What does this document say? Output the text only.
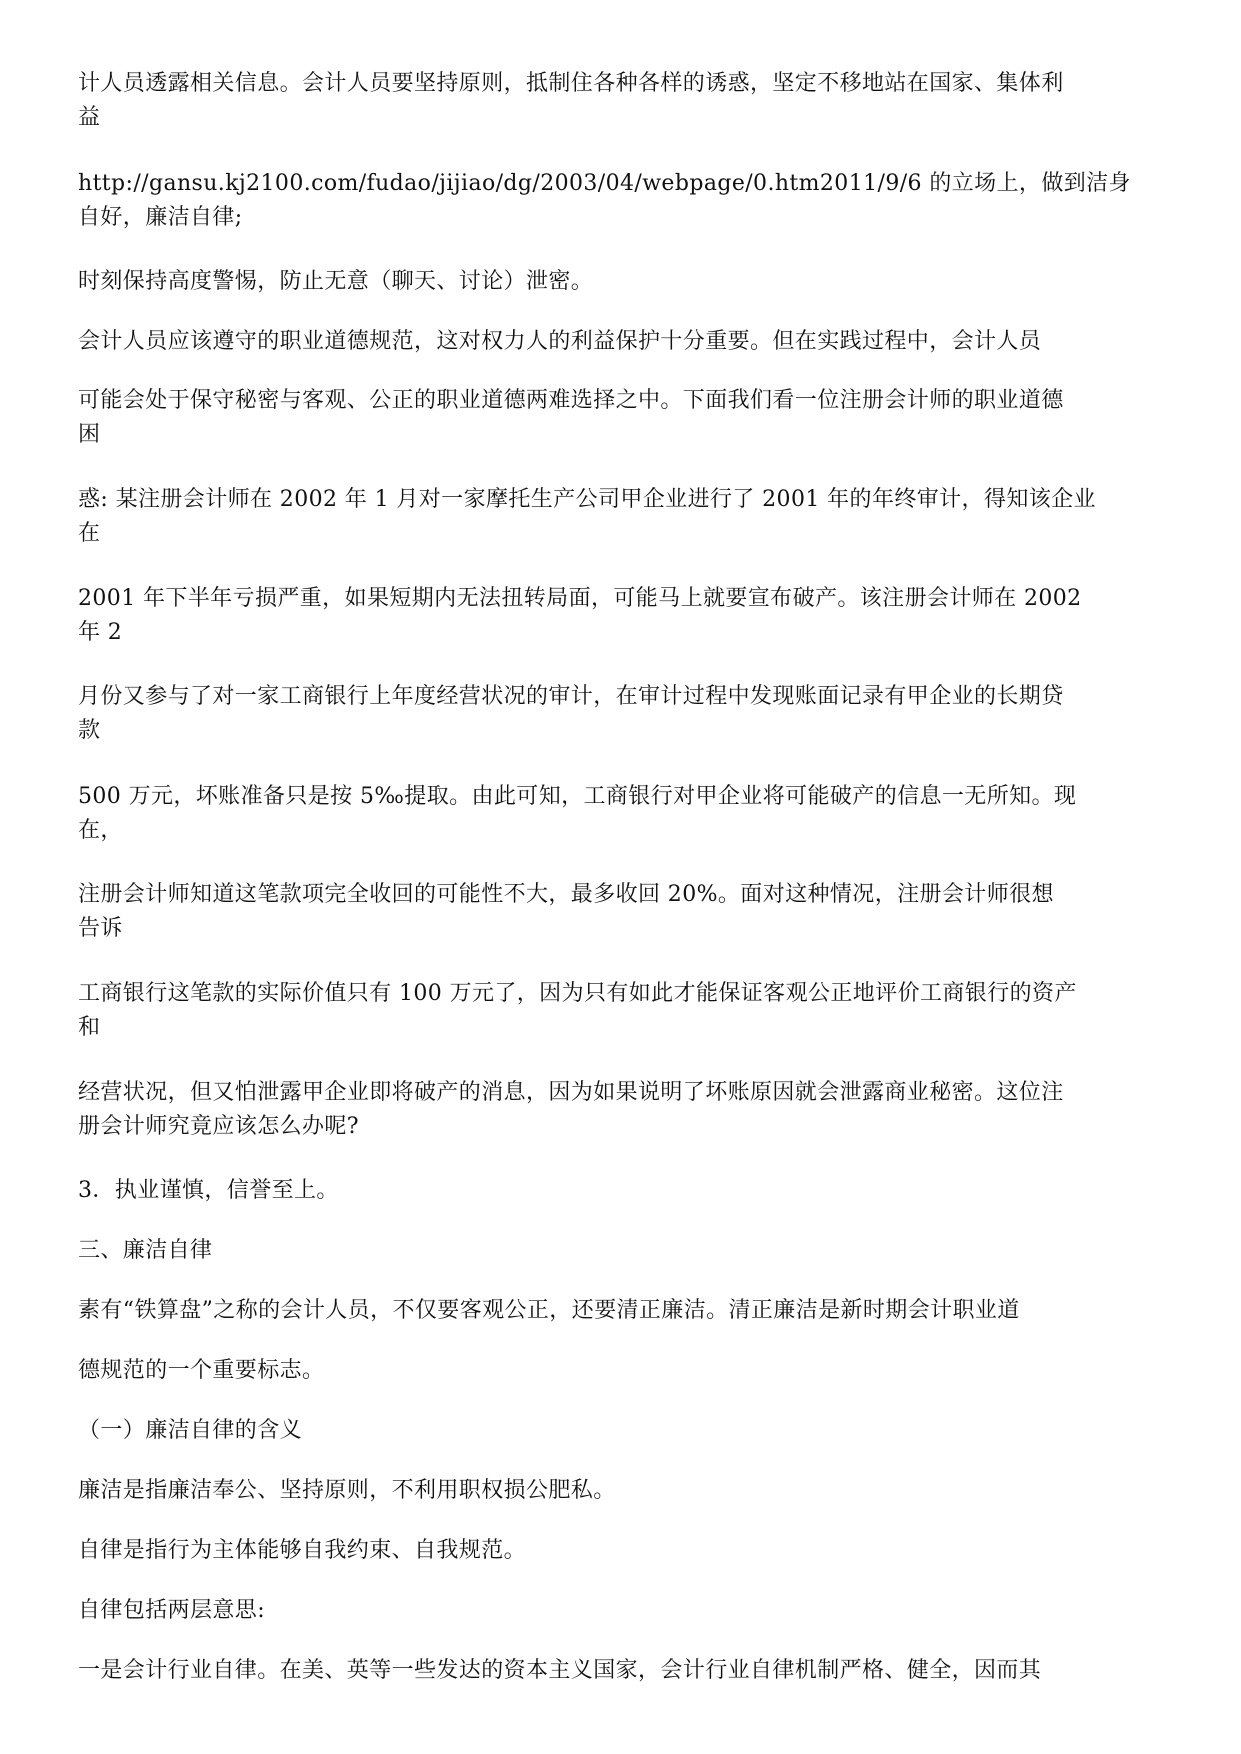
计人员透露相关信息。会计人员要坚持原则，抵制住各种各样的诱惑，坚定不移地站在国家、集体利
益

http://gansu.kj2100.com/fudao/jijiao/dg/2003/04/webpage/0.htm2011/9/6 的立场上，做到洁身
自好，廉洁自律;

时刻保持高度警惕，防止无意（聊天、讨论）泄密。

会计人员应该遵守的职业道德规范，这对权力人的利益保护十分重要。但在实践过程中，会计人员

可能会处于保守秘密与客观、公正的职业道德两难选择之中。下面我们看一位注册会计师的职业道德
困

惑: 某注册会计师在 2002 年 1 月对一家摩托生产公司甲企业进行了 2001 年的年终审计，得知该企业
在

2001 年下半年亏损严重，如果短期内无法扭转局面，可能马上就要宣布破产。该注册会计师在 2002
年 2

月份又参与了对一家工商银行上年度经营状况的审计，在审计过程中发现账面记录有甲企业的长期贷
款

500 万元，坏账准备只是按 5‰提取。由此可知，工商银行对甲企业将可能破产的信息一无所知。现
在，

注册会计师知道这笔款项完全收回的可能性不大，最多收回 20%。面对这种情况，注册会计师很想
告诉

工商银行这笔款的实际价值只有 100 万元了，因为只有如此才能保证客观公正地评价工商银行的资产
和

经营状况，但又怕泄露甲企业即将破产的消息，因为如果说明了坏账原因就会泄露商业秘密。这位注
册会计师究竟应该怎么办呢?

3．执业谨慎，信誉至上。

三、廉洁自律

素有“铁算盘”之称的会计人员，不仅要客观公正，还要清正廉洁。清正廉洁是新时期会计职业道

德规范的一个重要标志。

（一）廉洁自律的含义

廉洁是指廉洁奉公、坚持原则，不利用职权损公肥私。

自律是指行为主体能够自我约束、自我规范。

自律包括两层意思:

一是会计行业自律。在美、英等一些发达的资本主义国家，会计行业自律机制严格、健全，因而其
